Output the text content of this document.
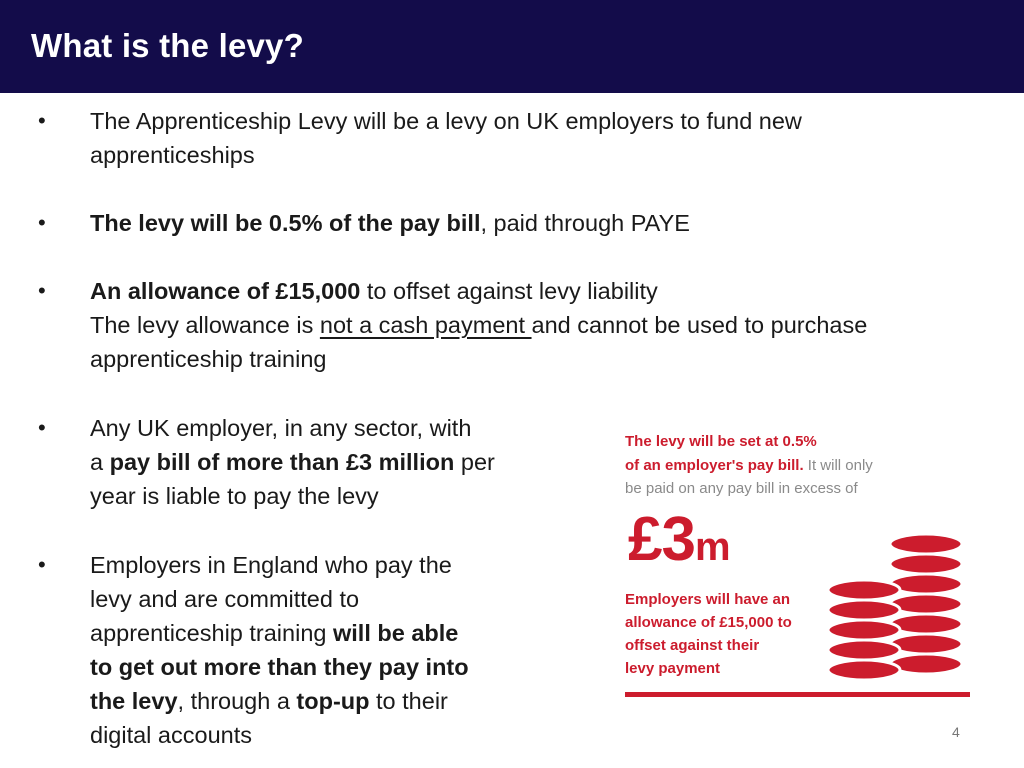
What is the levy?
• The Apprenticeship Levy will be a levy on UK employers to fund new
apprenticeships
• The levy will be 0.5% of the pay bill, paid through PAYE
• An allowance of £15,000 to offset against levy liability
The levy allowance is not a cash payment and cannot be used to purchase
apprenticeship training
• Any UK employer, in any sector, with
a pay bill of more than £3 million per
year is liable to pay the levy
• Employers in England who pay the
levy and are committed to
apprenticeship training will be able
to get out more than they pay into
the levy, through a top-up to their
digital accounts
The levy will be set at 0.5%
of an employer's pay bill. It will only
be paid on any pay bill in excess of
£3m
Employers will have an
allowance of £15,000 to
offset against their
levy payment
4
